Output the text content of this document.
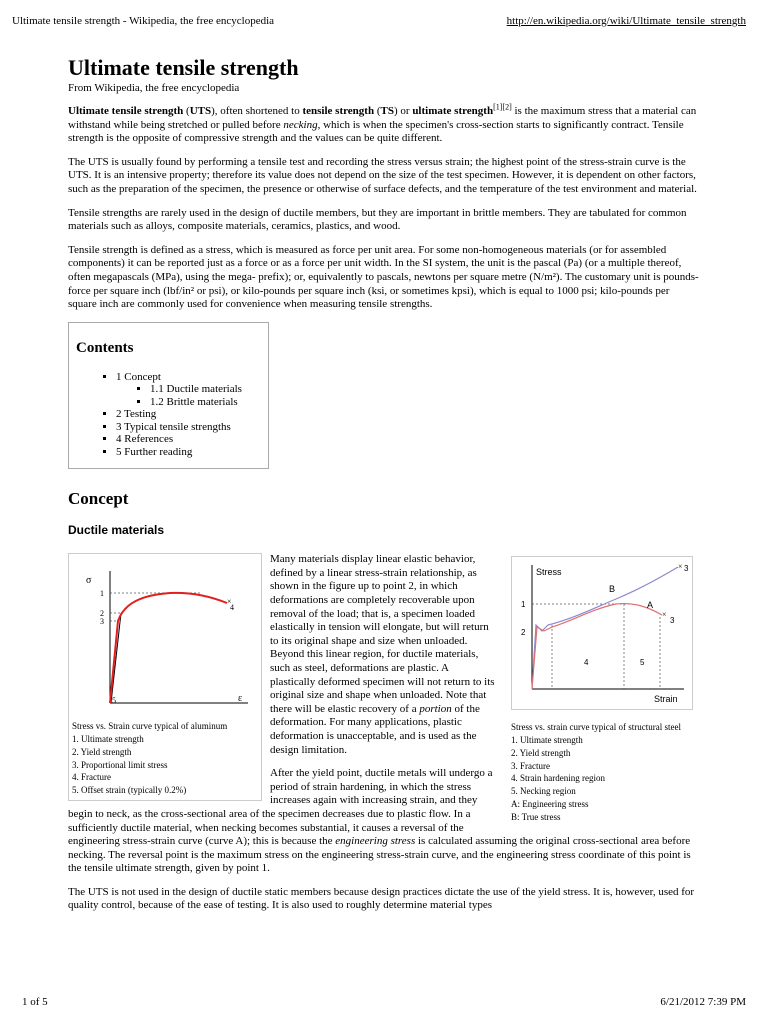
Ultimate tensile strength - Wikipedia, the free encyclopedia	http://en.wikipedia.org/wiki/Ultimate_tensile_strength
Ultimate tensile strength
From Wikipedia, the free encyclopedia

Ultimate tensile strength (UTS), often shortened to tensile strength (TS) or ultimate strength[1][2] is the maximum stress that a material can withstand while being stretched or pulled before necking, which is when the specimen's cross-section starts to significantly contract. Tensile strength is the opposite of compressive strength and the values can be quite different.

The UTS is usually found by performing a tensile test and recording the stress versus strain; the highest point of the stress-strain curve is the UTS. It is an intensive property; therefore its value does not depend on the size of the test specimen. However, it is dependent on other factors, such as the preparation of the specimen, the presence or otherwise of surface defects, and the temperature of the test environment and material.

Tensile strengths are rarely used in the design of ductile members, but they are important in brittle members. They are tabulated for common materials such as alloys, composite materials, ceramics, plastics, and wood.

Tensile strength is defined as a stress, which is measured as force per unit area. For some non-homogeneous materials (or for assembled components) it can be reported just as a force or as a force per unit width. In the SI system, the unit is the pascal (Pa) (or a multiple thereof, often megapascals (MPa), using the mega- prefix); or, equivalently to pascals, newtons per square metre (N/m²). The customary unit is pounds-force per square inch (lbf/in² or psi), or kilo-pounds per square inch (ksi, or sometimes kpsi), which is equal to 1000 psi; kilo-pounds per square inch are commonly used for convenience when measuring tensile strengths.

Contents
▪ 1 Concept
▪ 1.1 Ductile materials
▪ 1.2 Brittle materials
▪ 2 Testing
▪ 3 Typical tensile strengths
▪ 4 References
▪ 5 Further reading
Concept
Ductile materials
×
σ
ε
1
2
3
4
5
Stress vs. Strain curve typical of aluminum
1. Ultimate strength
2. Yield strength
3. Proportional limit stress
4. Fracture
5. Offset strain (typically 0.2%)
×
×
Stress
Strain
B
A
1
2
3
3
4	5
Stress vs. strain curve typical of structural steel
1. Ultimate strength
2. Yield strength
3. Fracture
4. Strain hardening region
5. Necking region
A: Engineering stress
B: True stress

Many materials display linear elastic behavior, defined by a linear stress-strain relationship, as shown in the figure up to point 2, in which deformations are completely recoverable upon removal of the load; that is, a specimen loaded elastically in tension will elongate, but will return to its original shape and size when unloaded. Beyond this linear region, for ductile materials, such as steel, deformations are plastic. A plastically deformed specimen will not return to its original size and shape when unloaded. Note that there will be elastic recovery of a portion of the deformation. For many applications, plastic deformation is unacceptable, and is used as the design limitation.

After the yield point, ductile metals will undergo a period of strain hardening, in which the stress increases again with increasing strain, and they begin to neck, as the cross-sectional area of the specimen decreases due to plastic flow. In a sufficiently ductile material, when necking becomes substantial, it causes a reversal of the engineering stress-strain curve (curve A); this is because the engineering stress is calculated assuming the original cross-sectional area before necking. The reversal point is the maximum stress on the engineering stress-strain curve, and the engineering stress coordinate of this point is the tensile ultimate strength, given by point 1.

The UTS is not used in the design of ductile static members because design practices dictate the use of the yield stress. It is, however, used for quality control, because of the ease of testing. It is also used to roughly determine material types

1 of 5	6/21/2012 7:39 PM
